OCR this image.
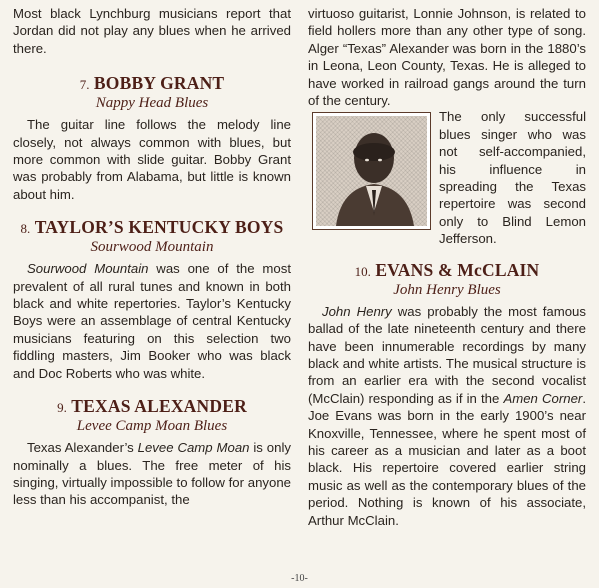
Most black Lynchburg musicians report that Jordan did not play any blues when he arrived there.

7. BOBBY GRANT
Nappy Head Blues

The guitar line follows the melody line closely, not always common with blues, but more common with slide guitar. Bobby Grant was probably from Alabama, but little is known about him.

8. TAYLOR’S KENTUCKY BOYS
Sourwood Mountain

Sourwood Mountain was one of the most prevalent of all rural tunes and known in both black and white repertories. Taylor’s Kentucky Boys were an assemblage of central Kentucky musicians featuring on this selection two fiddling masters, Jim Booker who was black and Doc Roberts who was white.

9. TEXAS ALEXANDER
Levee Camp Moan Blues

Texas Alexander’s Levee Camp Moan is only nominally a blues. The free meter of his singing, virtually impossible to follow for anyone less than his accompanist, the

virtuoso guitarist, Lonnie Johnson, is related to field hollers more than any other type of song. Alger “Texas” Alexander was born in the 1880’s in Leona, Leon County, Texas. He is alleged to have worked in railroad gangs around the turn of the century.

The only successful blues singer who was not self-accompanied, his influence in spreading the Texas repertoire was second only to Blind Lemon Jefferson.

10. EVANS & McCLAIN
John Henry Blues

John Henry was probably the most famous ballad of the late nineteenth century and there have been innumerable recordings by many black and white artists. The musical structure is from an earlier era with the second vocalist (McClain) responding as if in the Amen Corner. Joe Evans was born in the early 1900’s near Knoxville, Tennessee, where he spent most of his career as a musician and later as a boot black. His repertoire covered earlier string music as well as the contemporary blues of the period. Nothing is known of his associate, Arthur McClain.

-10-
